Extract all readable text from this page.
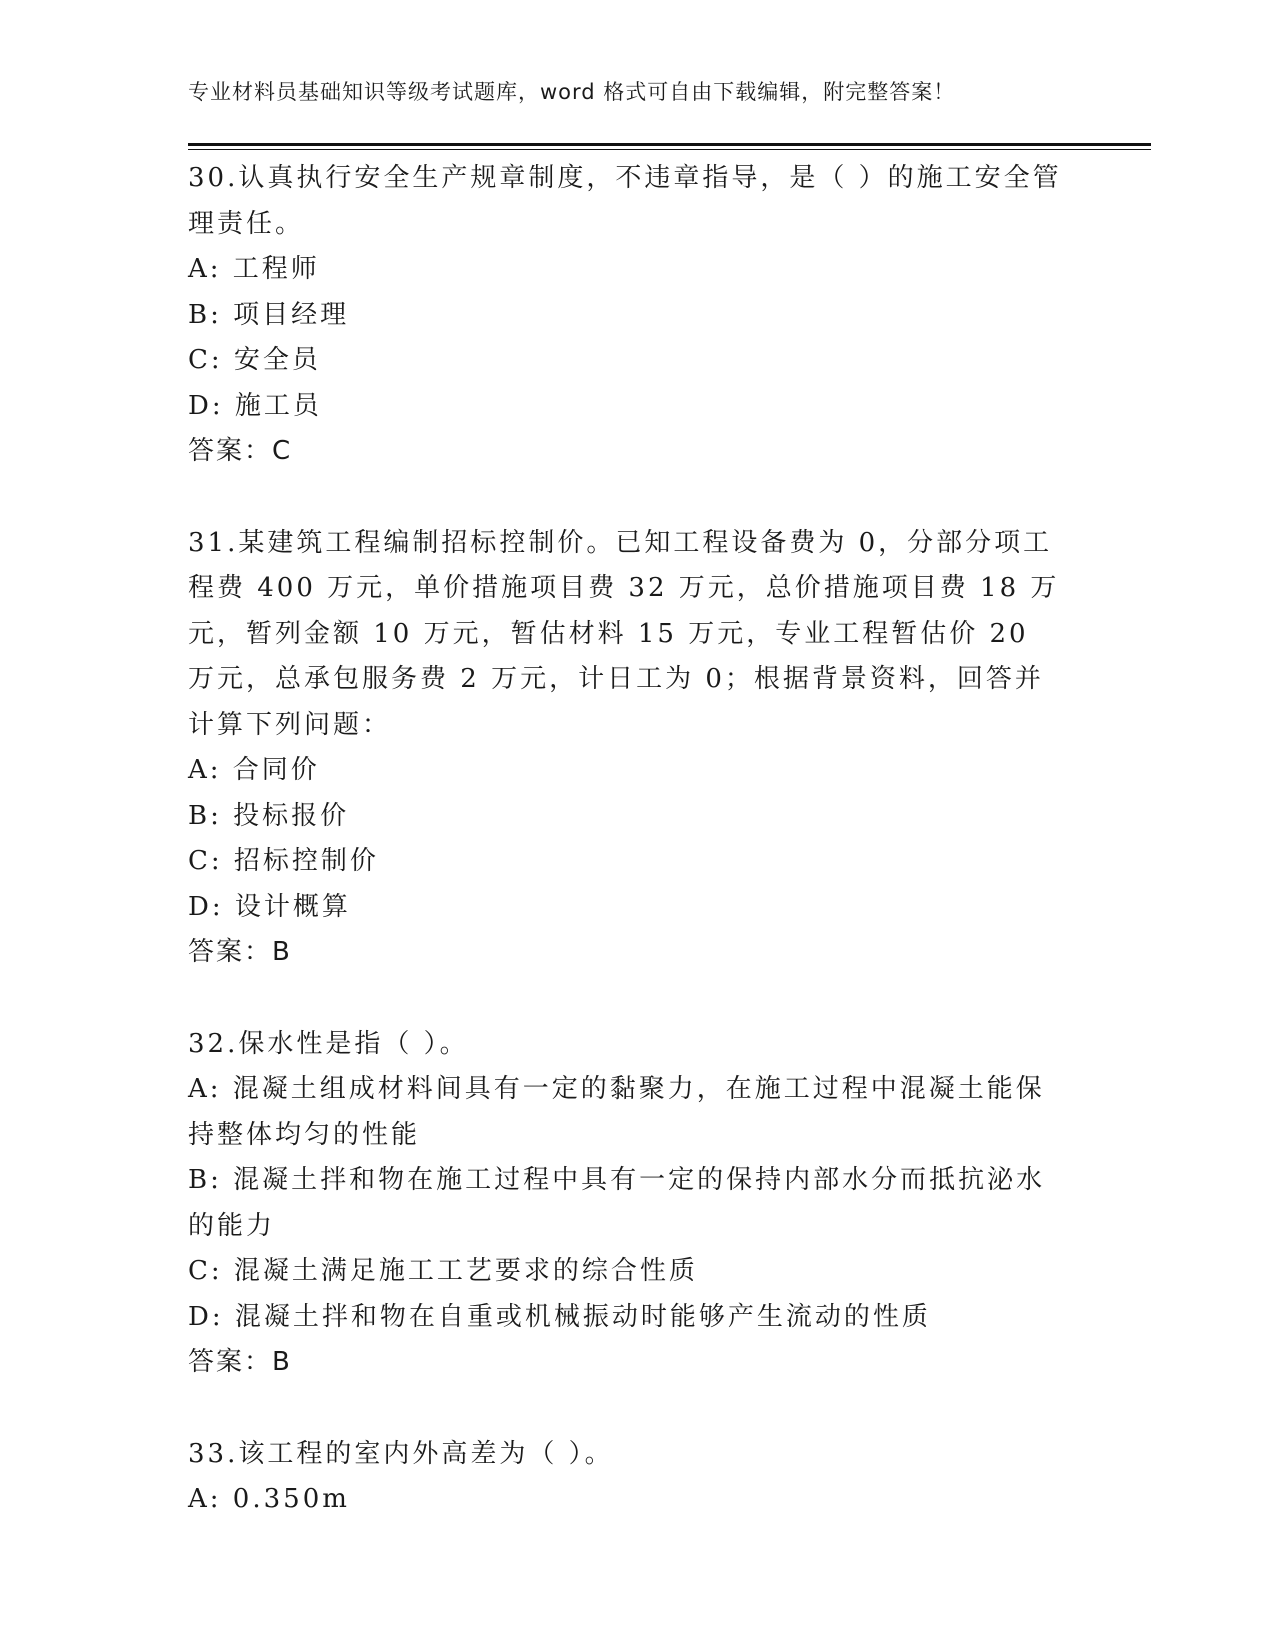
专业材料员基础知识等级考试题库，word 格式可自由下载编辑，附完整答案！
30.认真执行安全生产规章制度，不违章指导，是（ ）的施工安全管理责任。
A: 工程师
B: 项目经理
C: 安全员
D: 施工员
答案：C
31.某建筑工程编制招标控制价。已知工程设备费为 0，分部分项工程费 400 万元，单价措施项目费 32 万元，总价措施项目费 18 万元，暂列金额 10 万元，暂估材料 15 万元，专业工程暂估价 20 万元，总承包服务费 2 万元，计日工为 0；根据背景资料，回答并计算下列问题：
A: 合同价
B: 投标报价
C: 招标控制价
D: 设计概算
答案：B
32.保水性是指（ ）。
A: 混凝土组成材料间具有一定的黏聚力，在施工过程中混凝土能保持整体均匀的性能
B: 混凝土拌和物在施工过程中具有一定的保持内部水分而抵抗泌水的能力
C: 混凝土满足施工工艺要求的综合性质
D: 混凝土拌和物在自重或机械振动时能够产生流动的性质
答案：B
33.该工程的室内外高差为（ ）。
A: 0.350m
